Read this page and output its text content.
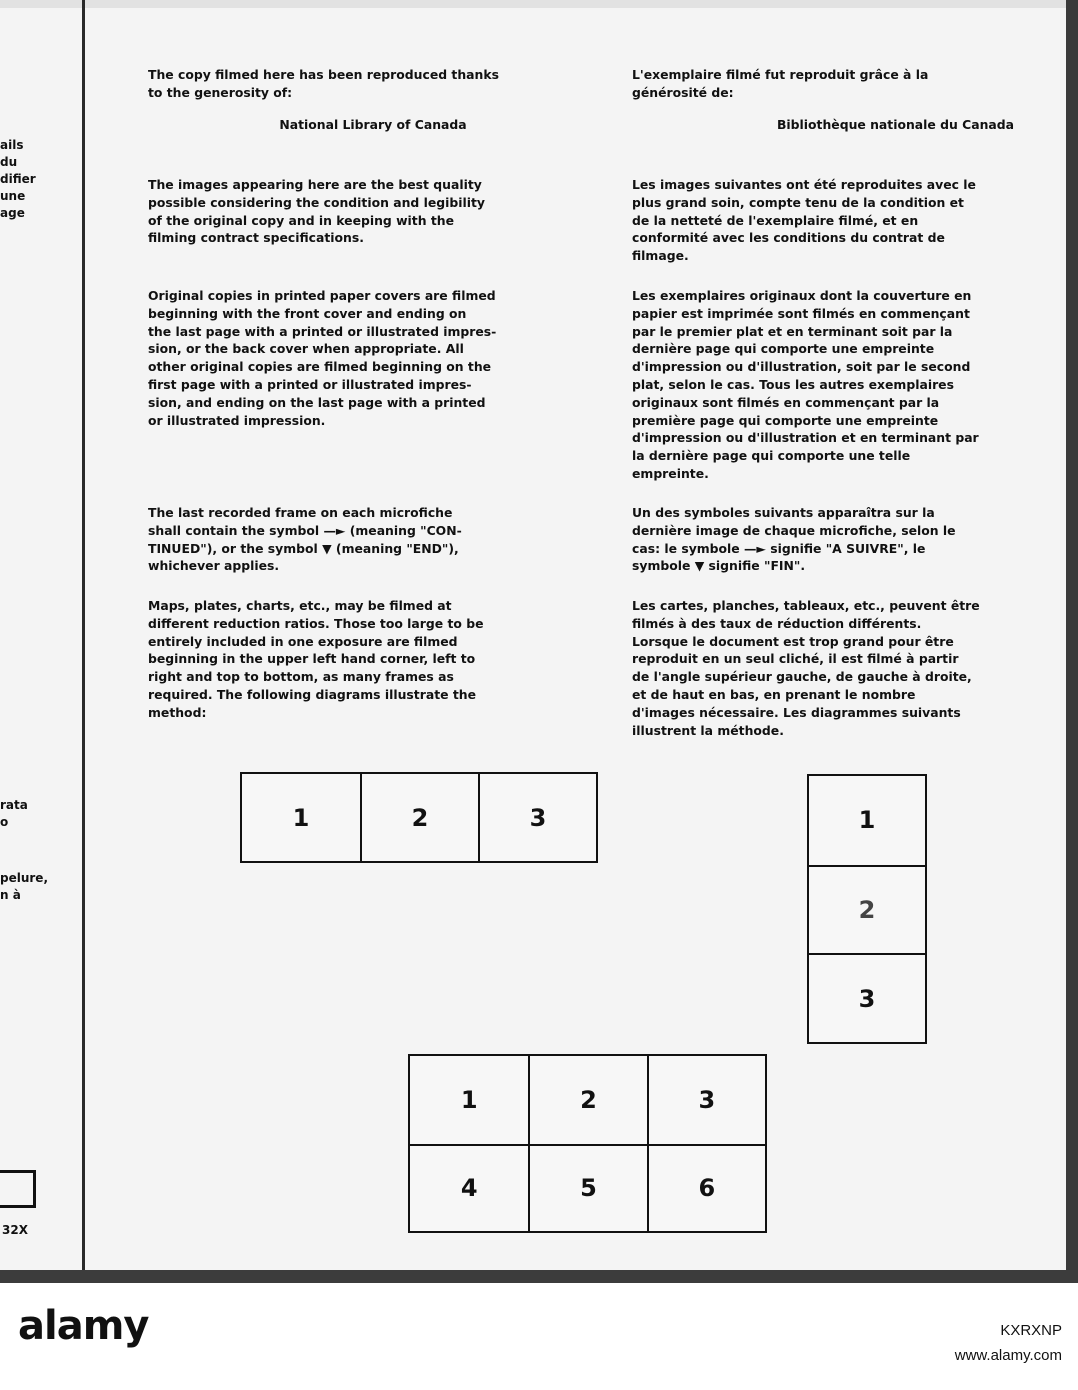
ails
du
difier
une
age
rata
o
pelure,
n à
32X

The copy filmed here has been reproduced thanks

to the generosity of:

National Library of Canada

The images appearing here are the best quality
possible considering the condition and legibility
of the original copy and in keeping with the
filming contract specifications.

Original copies in printed paper covers are filmed
beginning with the front cover and ending on
the last page with a printed or illustrated impres-
sion, or the back cover when appropriate. All
other original copies are filmed beginning on the
first page with a printed or illustrated impres-
sion, and ending on the last page with a printed
or illustrated impression.

The last recorded frame on each microfiche
shall contain the symbol —► (meaning "CON-
TINUED"), or the symbol ▼ (meaning "END"),
whichever applies.

Maps, plates, charts, etc., may be filmed at
different reduction ratios. Those too large to be
entirely included in one exposure are filmed
beginning in the upper left hand corner, left to
right and top to bottom, as many frames as
required. The following diagrams illustrate the
method:

L'exemplaire filmé fut reproduit grâce à la

générosité de:

Bibliothèque nationale du Canada

Les images suivantes ont été reproduites avec le
plus grand soin, compte tenu de la condition et
de la netteté de l'exemplaire filmé, et en
conformité avec les conditions du contrat de
filmage.

Les exemplaires originaux dont la couverture en
papier est imprimée sont filmés en commençant
par le premier plat et en terminant soit par la
dernière page qui comporte une empreinte
d'impression ou d'illustration, soit par le second
plat, selon le cas. Tous les autres exemplaires
originaux sont filmés en commençant par la
première page qui comporte une empreinte
d'impression ou d'illustration et en terminant par
la dernière page qui comporte une telle
empreinte.

Un des symboles suivants apparaîtra sur la
dernière image de chaque microfiche, selon le
cas: le symbole —► signifie "A SUIVRE", le
symbole ▼ signifie "FIN".

Les cartes, planches, tableaux, etc., peuvent être
filmés à des taux de réduction différents.
Lorsque le document est trop grand pour être
reproduit en un seul cliché, il est filmé à partir
de l'angle supérieur gauche, de gauche à droite,
et de haut en bas, en prenant le nombre
d'images nécessaire. Les diagrammes suivants
illustrent la méthode.

1	2	3	1
2
3
1	2	3
4	5	6
alamy	KXRXNP
www.alamy.com
